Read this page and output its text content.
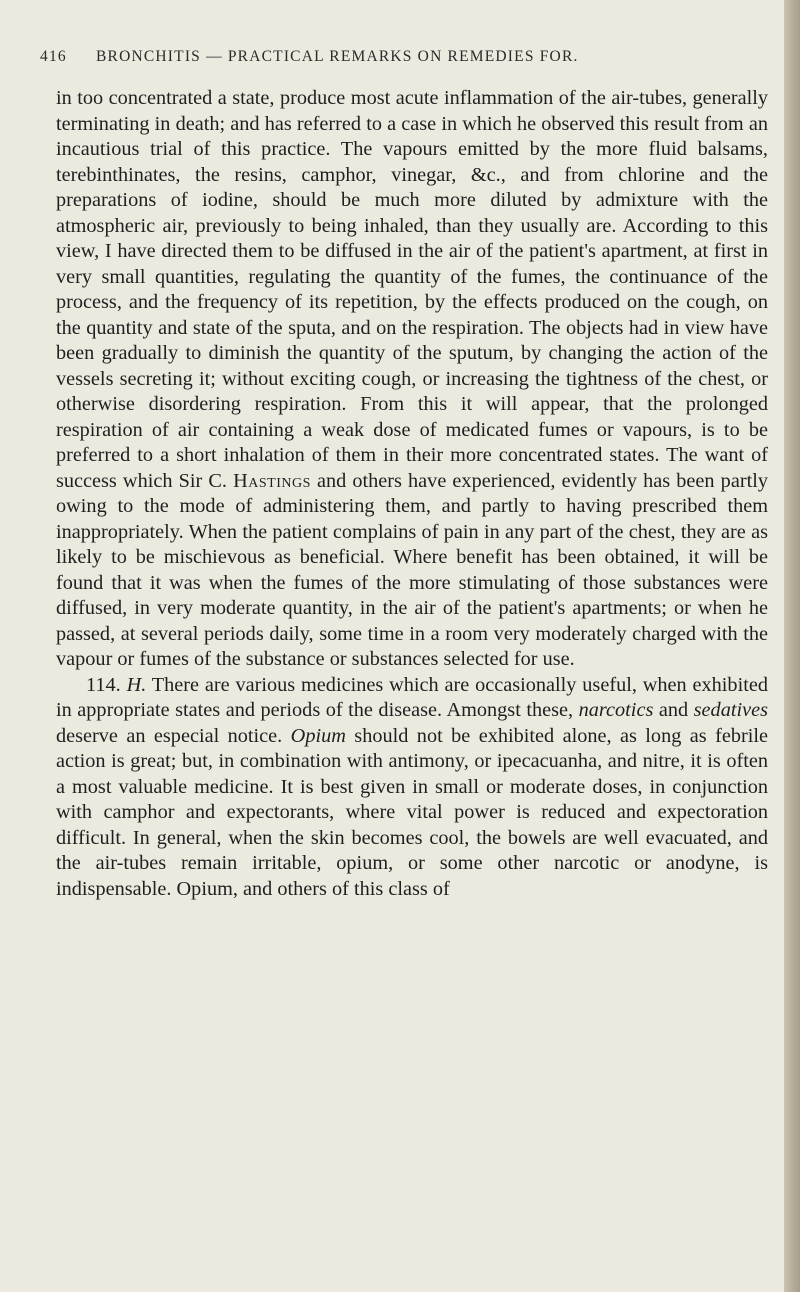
416 BRONCHITIS — PRACTICAL REMARKS ON REMEDIES FOR.

in too concentrated a state, produce most acute inflammation of the air-tubes, generally terminating in death; and has referred to a case in which he observed this result from an incautious trial of this practice. The vapours emitted by the more fluid balsams, terebinthinates, the resins, camphor, vinegar, &c., and from chlorine and the preparations of iodine, should be much more diluted by admixture with the atmospheric air, previously to being inhaled, than they usually are. According to this view, I have directed them to be diffused in the air of the patient's apartment, at first in very small quantities, regulating the quantity of the fumes, the continuance of the process, and the frequency of its repetition, by the effects produced on the cough, on the quantity and state of the sputa, and on the respiration. The objects had in view have been gradually to diminish the quantity of the sputum, by changing the action of the vessels secreting it; without exciting cough, or increasing the tightness of the chest, or otherwise disordering respiration. From this it will appear, that the prolonged respiration of air containing a weak dose of medicated fumes or vapours, is to be preferred to a short inhalation of them in their more concentrated states. The want of success which Sir C. Hastings and others have experienced, evidently has been partly owing to the mode of administering them, and partly to having prescribed them inappropriately. When the patient complains of pain in any part of the chest, they are as likely to be mischievous as beneficial. Where benefit has been obtained, it will be found that it was when the fumes of the more stimulating of those substances were diffused, in very moderate quantity, in the air of the patient's apartments; or when he passed, at several periods daily, some time in a room very moderately charged with the vapour or fumes of the substance or substances selected for use.

114. H. There are various medicines which are occasionally useful, when exhibited in appropriate states and periods of the disease. Amongst these, narcotics and sedatives deserve an especial notice. Opium should not be exhibited alone, as long as febrile action is great; but, in combination with antimony, or ipecacuanha, and nitre, it is often a most valuable medicine. It is best given in small or moderate doses, in conjunction with camphor and expectorants, where vital power is reduced and expectoration difficult. In general, when the skin becomes cool, the bowels are well evacuated, and the air-tubes remain irritable, opium, or some other narcotic or anodyne, is indispensable. Opium, and others of this class of
